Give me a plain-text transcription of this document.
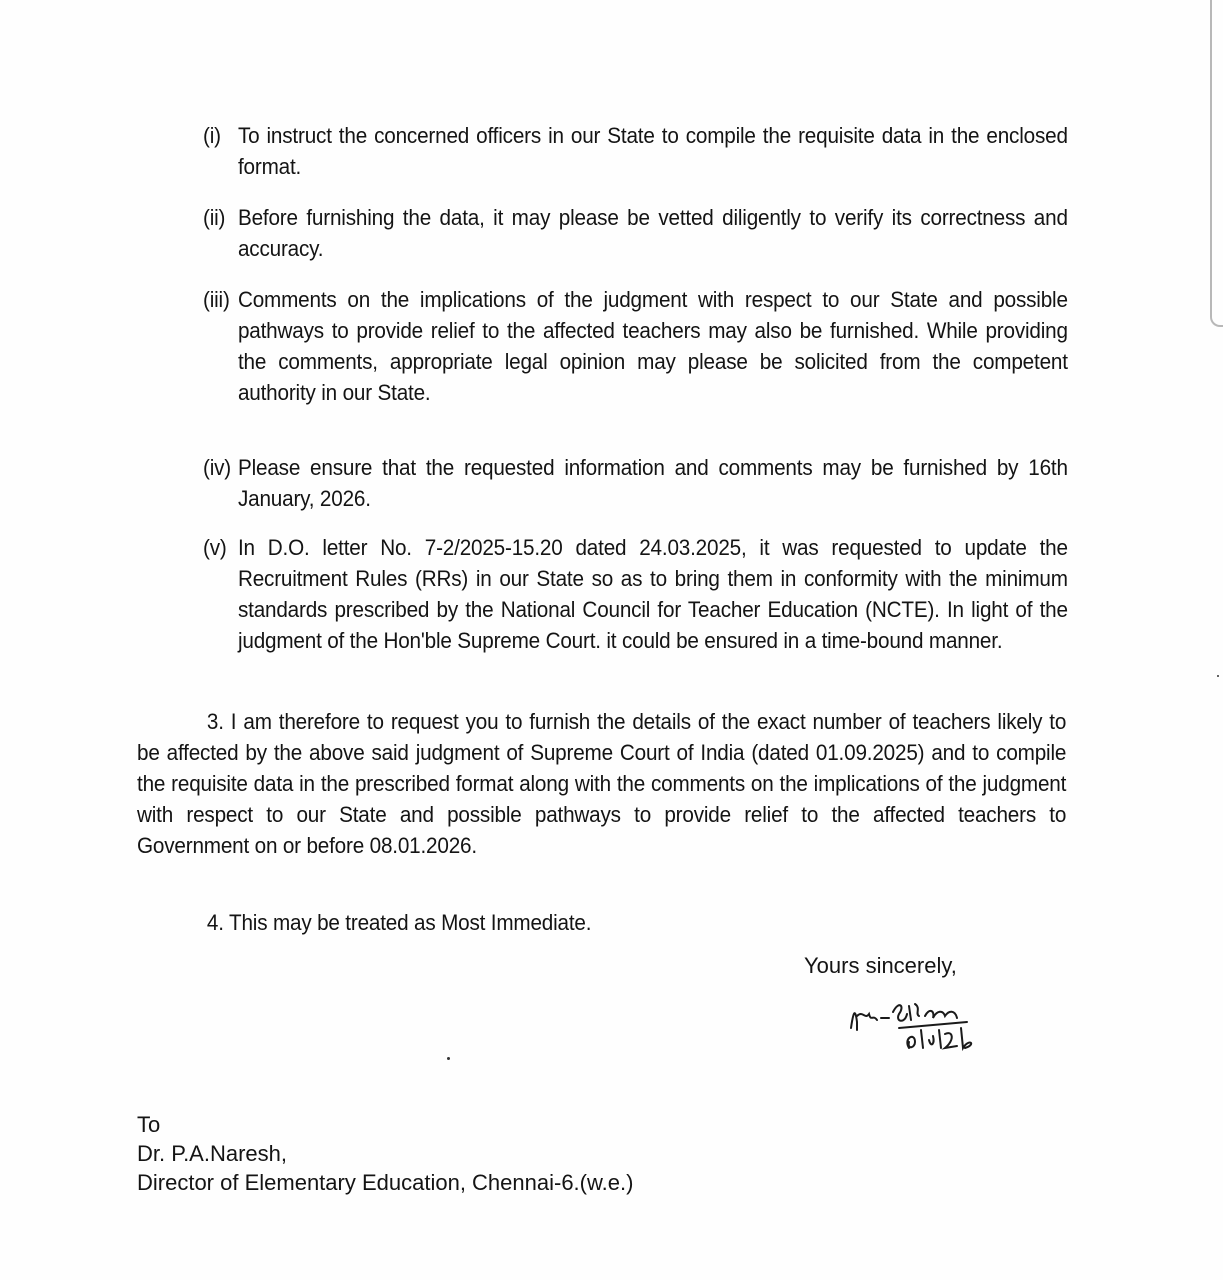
(i) To instruct the concerned officers in our State to compile the requisite data in the enclosed format.
(ii) Before furnishing the data, it may please be vetted diligently to verify its correctness and accuracy.
(iii) Comments on the implications of the judgment with respect to our State and possible pathways to provide relief to the affected teachers may also be furnished. While providing the comments, appropriate legal opinion may please be solicited from the competent authority in our State.
(iv) Please ensure that the requested information and comments may be furnished by 16th January, 2026.
(v) In D.O. letter No. 7-2/2025-15.20 dated 24.03.2025, it was requested to update the Recruitment Rules (RRs) in our State so as to bring them in conformity with the minimum standards prescribed by the National Council for Teacher Education (NCTE). In light of the judgment of the Hon'ble Supreme Court. it could be ensured in a time-bound manner.
3. I am therefore to request you to furnish the details of the exact number of teachers likely to be affected by the above said judgment of Supreme Court of India (dated 01.09.2025) and to compile the requisite data in the prescribed format along with the comments on the implications of the judgment with respect to our State and possible pathways to provide relief to the affected teachers to Government on or before 08.01.2026.
4. This may be treated as Most Immediate.
Yours sincerely,
To
Dr. P.A.Naresh,
Director of Elementary Education, Chennai-6.(w.e.)
